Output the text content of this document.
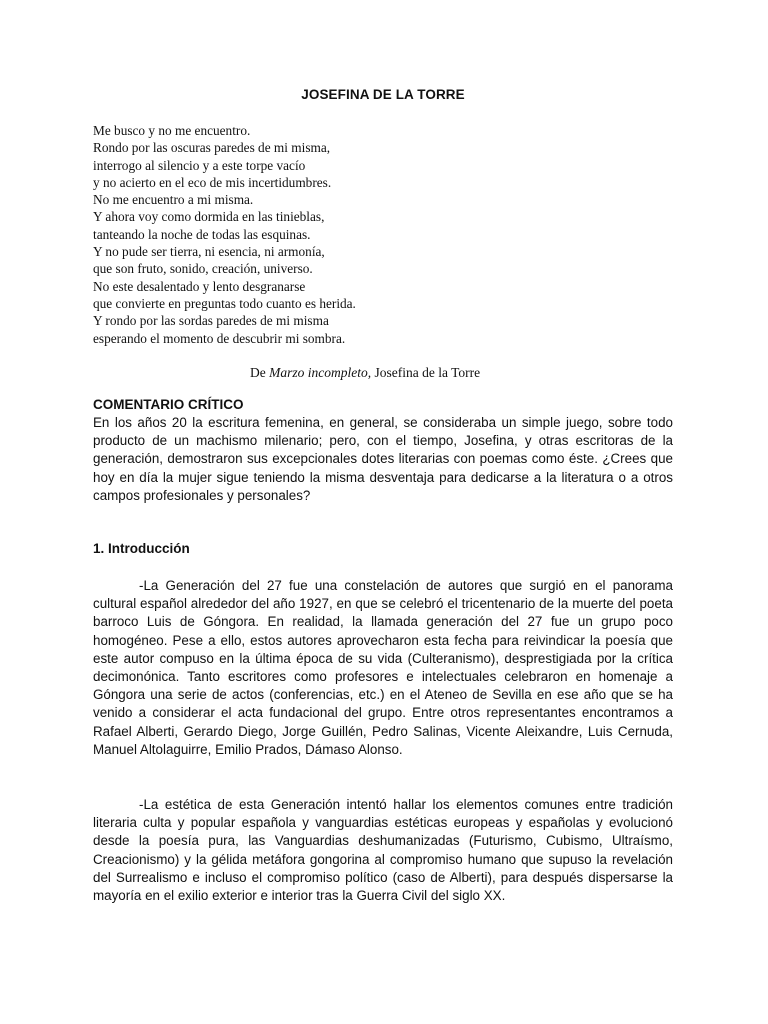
JOSEFINA DE LA TORRE
Me busco y no me encuentro.
Rondo por las oscuras paredes de mi misma,
interrogo al silencio y a este torpe vacío
y no acierto en el eco de mis incertidumbres.
No me encuentro a mi misma.
Y ahora voy como dormida en las tinieblas,
tanteando la noche de todas las esquinas.
Y no pude ser tierra, ni esencia, ni armonía,
que son fruto, sonido, creación, universo.
No este desalentado y lento desgranarse
que convierte en preguntas todo cuanto es herida.
Y rondo por las sordas paredes de mi misma
esperando el momento de descubrir mi sombra.
De Marzo incompleto, Josefina de la Torre
COMENTARIO CRÍTICO

En los años 20 la escritura femenina, en general, se consideraba un simple juego, sobre todo producto de un machismo milenario; pero, con el tiempo, Josefina, y otras escritoras de la generación, demostraron sus excepcionales dotes literarias con poemas como éste. ¿Crees que hoy en día la mujer sigue teniendo la misma desventaja para dedicarse a la literatura o a otros campos profesionales y personales?

1. Introducción

-La Generación del 27 fue una constelación de autores que surgió en el panorama cultural español alrededor del año 1927, en que se celebró el tricentenario de la muerte del poeta barroco Luis de Góngora. En realidad, la llamada generación del 27 fue un grupo poco homogéneo. Pese a ello, estos autores aprovecharon esta fecha para reivindicar la poesía que este autor compuso en la última época de su vida (Culteranismo), desprestigiada por la crítica decimonónica. Tanto escritores como profesores e intelectuales celebraron en homenaje a Góngora una serie de actos (conferencias, etc.) en el Ateneo de Sevilla en ese año que se ha venido a considerar el acta fundacional del grupo. Entre otros representantes encontramos a Rafael Alberti, Gerardo Diego, Jorge Guillén, Pedro Salinas, Vicente Aleixandre, Luis Cernuda, Manuel Altolaguirre, Emilio Prados, Dámaso Alonso.

-La estética de esta Generación intentó hallar los elementos comunes entre tradición literaria culta y popular española y vanguardias estéticas europeas y españolas y evolucionó desde la poesía pura, las Vanguardias deshumanizadas (Futurismo, Cubismo, Ultraísmo, Creacionismo) y la gélida metáfora gongorina al compromiso humano que supuso la revelación del Surrealismo e incluso el compromiso político (caso de Alberti), para después dispersarse la mayoría en el exilio exterior e interior tras la Guerra Civil del siglo XX.
